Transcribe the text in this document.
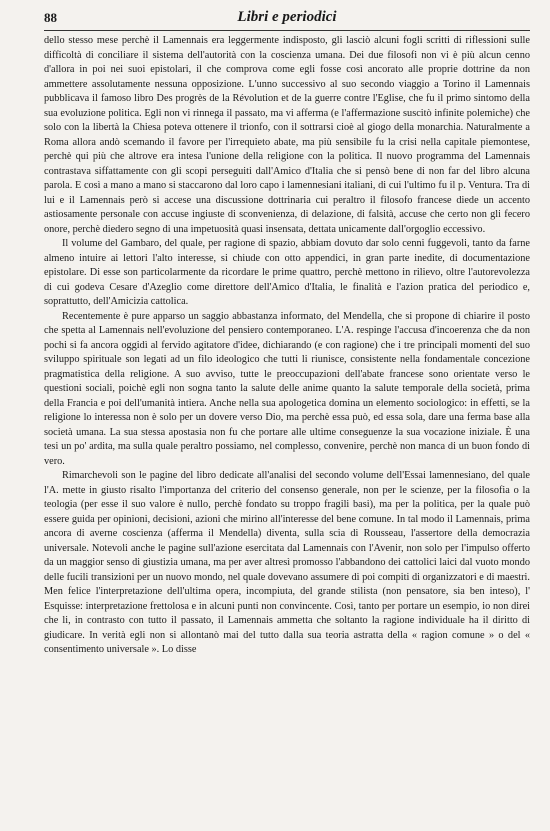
88	Libri e periodici

dello stesso mese perchè il Lamennais era leggermente indisposto, gli lasciò alcuni fogli scritti di riflessioni sulle difficoltà di conciliare il sistema dell'autorità con la coscienza umana. Dei due filosofi non vi è più alcun cenno d'allora in poi nei suoi epistolari, il che comprova come egli fosse così ancorato alle proprie dottrine da non ammettere assolutamente nessuna opposizione. L'unno successivo al suo secondo viaggio a Torino il Lamennais pubblicava il famoso libro Des progrès de la Révolution et de la guerre contre l'Eglise, che fu il primo sintomo della sua evoluzione politica. Egli non vi rinnega il passato, ma vi afferma (e l'affermazione suscitò infinite polemiche) che solo con la libertà la Chiesa poteva ottenere il trionfo, con il sottrarsi cioè al giogo della monarchia. Naturalmente a Roma allora andò scemando il favore per l'irrequieto abate, ma più sensibile fu la crisi nella capitale piemontese, perchè qui più che altrove era intesa l'unione della religione con la politica. Il nuovo programma del Lamennais contrastava siffattamente con gli scopi perseguiti dall'Amico d'Italia che si pensò bene di non far del libro alcuna parola. E così a mano a mano si staccarono dal loro capo i lamennesiani italiani, di cui l'ultimo fu il p. Ventura. Tra di lui e il Lamennais però si accese una discussione dottrinaria cui peraltro il filosofo francese diede un accento astiosamente personale con accuse ingiuste di sconvenienza, di delazione, di falsità, accuse che certo non gli fecero onore, perchè diedero segno di una impetuosità quasi insensata, dettata unicamente dall'orgoglio eccessivo.

Il volume del Gambaro, del quale, per ragione di spazio, abbiam dovuto dar solo cenni fuggevoli, tanto da farne almeno intuire ai lettori l'alto interesse, si chiude con otto appendici, in gran parte inedite, di documentazione epistolare. Di esse son particolarmente da ricordare le prime quattro, perchè mettono in rilievo, oltre l'autorevolezza di cui godeva Cesare d'Azeglio come direttore dell'Amico d'Italia, le finalità e l'azion pratica del periodico e, soprattutto, dell'Amicizia cattolica.

Recentemente è pure apparso un saggio abbastanza informato, del Mendella, che si propone di chiarire il posto che spetta al Lamennais nell'evoluzione del pensiero contemporaneo. L'A. respinge l'accusa d'incoerenza che da non pochi si fa ancora oggidì al fervido agitatore d'idee, dichiarando (e con ragione) che i tre principali momenti del suo sviluppo spirituale son legati ad un filo ideologico che tutti li riunisce, consistente nella fondamentale concezione pragmatistica della religione. A suo avviso, tutte le preoccupazioni dell'abate francese sono orientate verso le questioni sociali, poichè egli non sogna tanto la salute delle anime quanto la salute temporale della società, prima della Francia e poi dell'umanità intiera. Anche nella sua apologetica domina un elemento sociologico: in effetti, se la religione lo interessa non è solo per un dovere verso Dio, ma perchè essa può, ed essa sola, dare una ferma base alla società umana. La sua stessa apostasia non fu che portare alle ultime conseguenze la sua vocazione iniziale. È una tesi un po' ardita, ma sulla quale peraltro possiamo, nel complesso, convenire, perchè non manca di un buon fondo di vero.

Rimarchevoli son le pagine del libro dedicate all'analisi del secondo volume dell'Essai lamennesiano, del quale l'A. mette in giusto risalto l'importanza del criterio del consenso generale, non per le scienze, per la filosofia o la teologia (per esse il suo valore è nullo, perchè fondato su troppo fragili basi), ma per la politica, per la quale può essere guida per opinioni, decisioni, azioni che mirino all'interesse del bene comune. In tal modo il Lamennais, prima ancora di averne coscienza (afferma il Mendella) diventa, sulla scia di Rousseau, l'assertore della democrazia universale. Notevoli anche le pagine sull'azione esercitata dal Lamennais con l'Avenir, non solo per l'impulso offerto da un maggior senso di giustizia umana, ma per aver altresì promosso l'abbandono dei cattolici laici dal vuoto mondo delle fucili transizioni per un nuovo mondo, nel quale dovevano assumere di poi compiti di organizzatori e di maestri. Men felice l'interpretazione dell'ultima opera, incompiuta, del grande stilista (non pensatore, sia ben inteso), l' Esquisse: interpretazione frettolosa e in alcuni punti non convincente. Così, tanto per portare un esempio, io non direi che li, in contrasto con tutto il passato, il Lamennais ammetta che soltanto la ragione individuale ha il diritto di giudicare. In verità egli non si allontanò mai del tutto dalla sua teoria astratta della « ragion comune » o del « consentimento universale ». Lo disse
